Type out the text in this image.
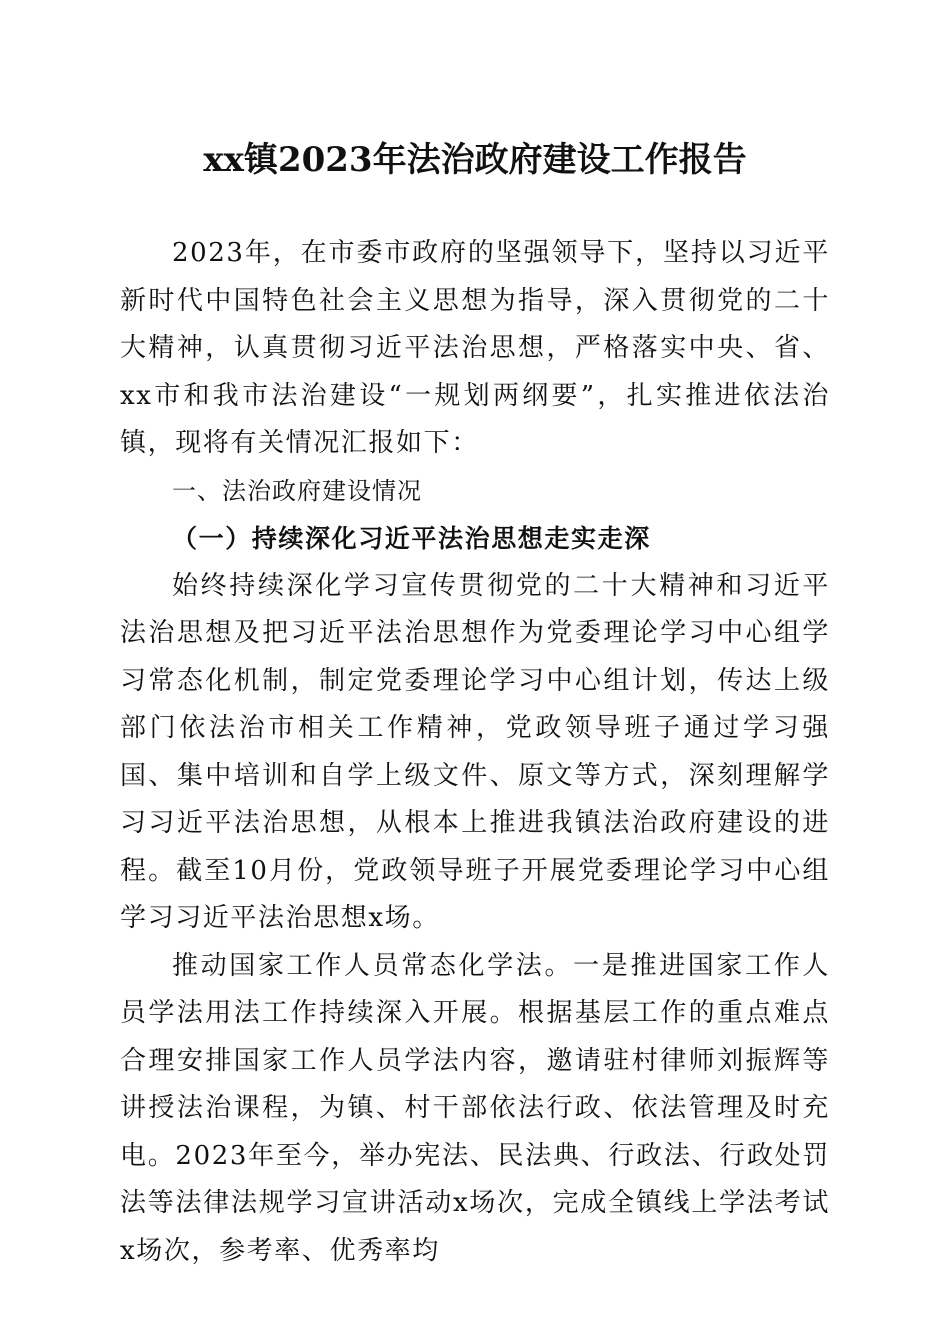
xx镇2023年法治政府建设工作报告

2023年，在市委市政府的坚强领导下，坚持以习近平新时代中国特色社会主义思想为指导，深入贯彻党的二十大精神，认真贯彻习近平法治思想，严格落实中央、省、xx市和我市法治建设“一规划两纲要”，扎实推进依法治镇，现将有关情况汇报如下：

一、法治政府建设情况
（一）持续深化习近平法治思想走实走深

始终持续深化学习宣传贯彻党的二十大精神和习近平法治思想及把习近平法治思想作为党委理论学习中心组学习常态化机制，制定党委理论学习中心组计划，传达上级部门依法治市相关工作精神，党政领导班子通过学习强国、集中培训和自学上级文件、原文等方式，深刻理解学习习近平法治思想，从根本上推进我镇法治政府建设的进程。截至10月份，党政领导班子开展党委理论学习中心组学习习近平法治思想x场。

推动国家工作人员常态化学法。一是推进国家工作人员学法用法工作持续深入开展。根据基层工作的重点难点合理安排国家工作人员学法内容，邀请驻村律师刘振辉等讲授法治课程，为镇、村干部依法行政、依法管理及时充电。2023年至今，举办宪法、民法典、行政法、行政处罚法等法律法规学习宣讲活动x场次，完成全镇线上学法考试x场次，参考率、优秀率均
